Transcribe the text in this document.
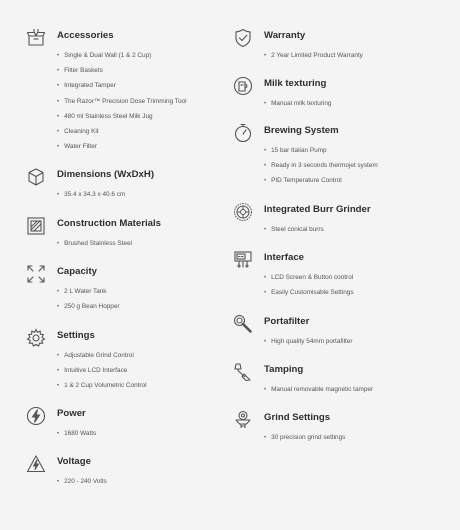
Accessories
• Single & Dual Wall (1 & 2 Cup)
• Filter Baskets
• Integrated Tamper
• The Razor™ Precision Dose Trimming Tool
• 480 ml Stainless Steel Milk Jug
• Cleaning Kit
• Water Filter
Dimensions (WxDxH)
• 35.4 x 34.3 x 40.6 cm
Construction Materials
• Brushed Stainless Steel
Capacity
• 2 L Water Tank
• 250 g Bean Hopper
Settings
• Adjustable Grind Control
• Intuitive LCD Interface
• 1 & 2 Cup Volumetric Control
Power
• 1680 Watts
Voltage
• 220 - 240 Volts
Warranty
• 2 Year Limited Product Warranty
Milk texturing
• Manual milk texturing
Brewing System
• 15 bar Italian Pump
• Ready in 3 seconds thermojet system
• PID Temperature Control
Integrated Burr Grinder
• Steel conical burrs
Interface
• LCD Screen & Button control
• Easily Customisable Settings
Portafilter
• High quality 54mm portafilter
Tamping
• Manual removable magnetic tamper
Grind Settings
• 30 precision grind settings
